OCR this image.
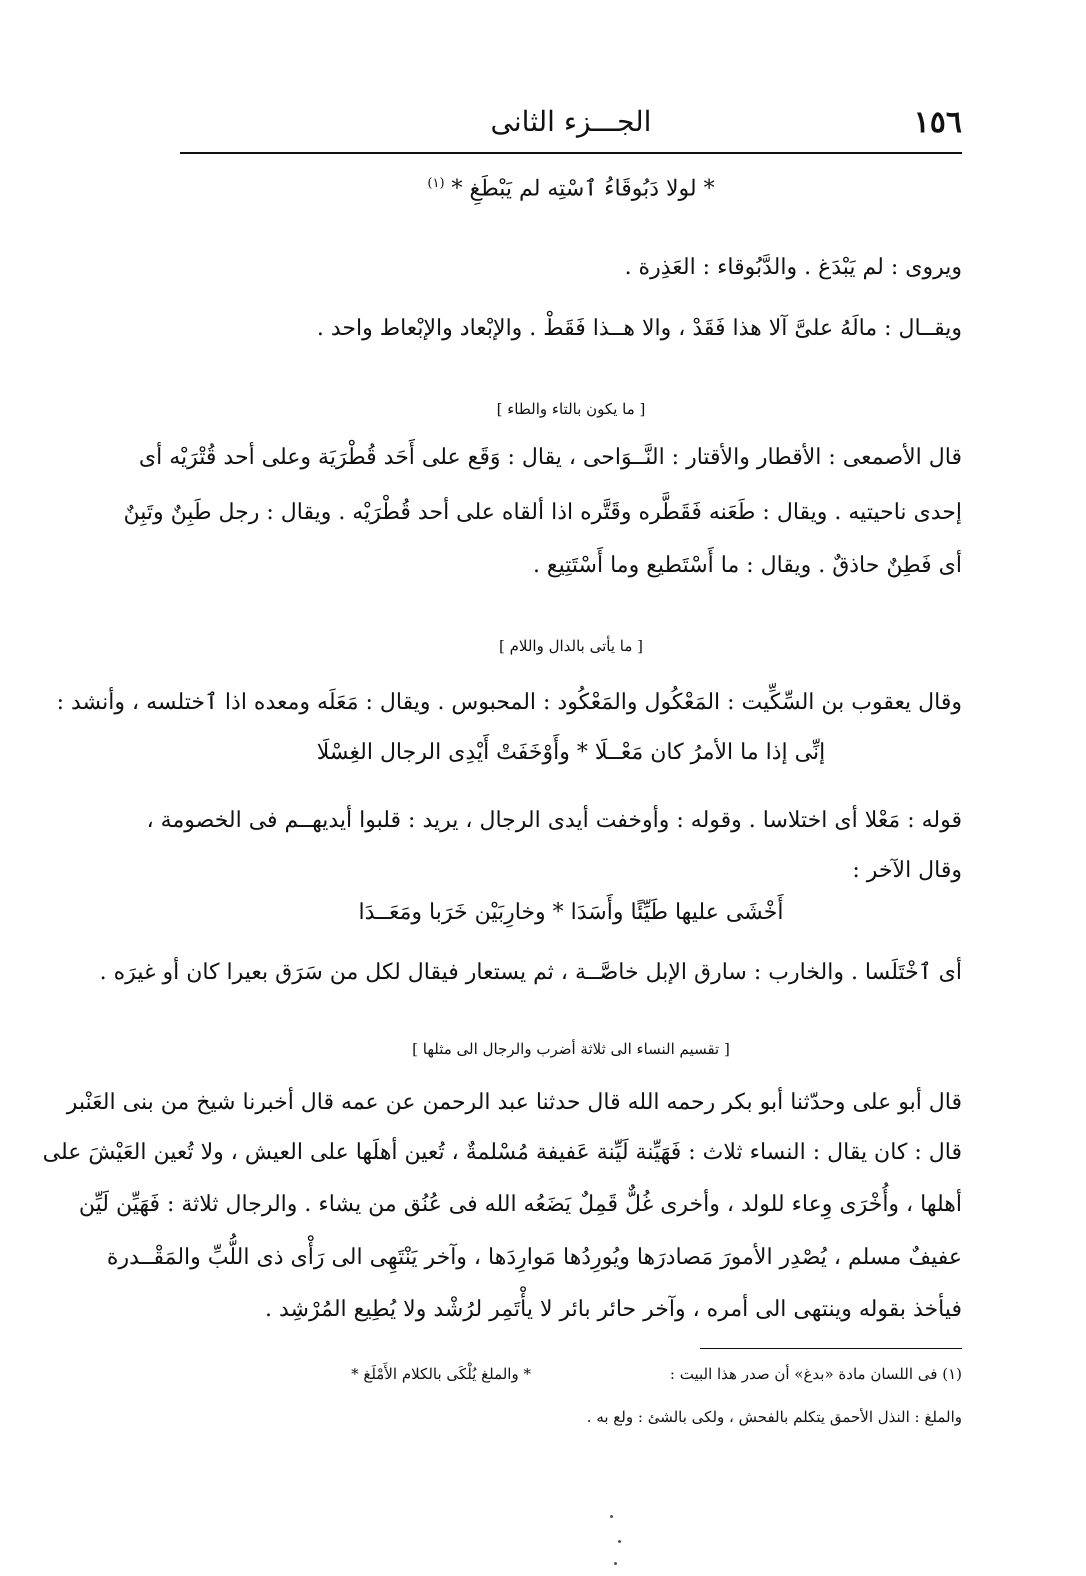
١٥٦
الجـــزء الثانى
* لولا دَبُوقَاءُ ٱسْتِه لم يَبْطَغِ * $^{(١)}$
ويروى : لم يَبْدَغ . والدَّبُوقاء : العَذِرة .
ويقــال : مالَهُ علىَّ آلا هذا فَقَدْ ، والا هــذا فَقَطْ . والإبْعاد والإبْعاط واحد .
[ ما يكون بالتاء والطاء ]
قال الأصمعى : الأقطار والأقتار : النَّــوَاحى ، يقال : وَقَع على أَحَد قُطْرَيَة وعلى أحد قُتْرَيْه أى
إحدى ناحيتيه . ويقال : طَعَنه فَقَطَّره وقَتَّره اذا ألقاه على أحد قُطْرَيْه . ويقال : رجل طَبِنٌ وتَبِنٌ
أى فَطِنٌ حاذقٌ . ويقال : ما أَسْتَطيع وما أَسْتَتِيع .
[ ما يأتى بالدال واللام ]
وقال يعقوب بن السِّكِّيت : المَعْكُول والمَعْكُود : المحبوس . ويقال : مَعَلَه ومعده اذا ٱختلسه ، وأنشد :
إنِّى إذا ما الأمرُ كان مَعْــلَا * وأَوْخَفَتْ أَيْدِى الرجال الغِسْلَا
قوله : مَعْلا أى اختلاسا . وقوله : وأوخفت أيدى الرجال ، يريد : قلبوا أيديهــم فى الخصومة ،
وقال الآخر :
أَخْشَى عليها طَيِّئًا وأَسَدَا * وخارِبَيْن خَرَبا ومَعَــدَا
أى ٱخْتَلَسا . والخارب : سارق الإبل خاصَّــة ، ثم يستعار فيقال لكل من سَرَق بعيرا كان أو غيرَه .
[ تقسيم النساء الى ثلاثة أضرب والرجال الى مثلها ]
قال أبو على وحدّثنا أبو بكر رحمه الله قال حدثنا عبد الرحمن عن عمه قال أخبرنا شيخ من بنى العَنْبر
قال : كان يقال : النساء ثلاث : فَهَيِّنة لَيِّنة عَفيفة مُسْلمةٌ ، تُعين أهلَها على العيش ، ولا تُعين العَيْشَ على
أهلها ، وأُخْرَى وِعاء للولد ، وأخرى غُلٌّ قَمِلٌ يَضَعُه الله فى عُنُق من يشاء . والرجال ثلاثة : فَهَيِّن لَيِّن
عفيفٌ مسلم ، يُصْدِر الأمورَ مَصادرَها ويُورِدُها مَوارِدَها ، وآخر يَنْتَهِى الى رَأْى ذى اللُّبِّ والمَقْــدرة
فيأخذ بقوله وينتهى الى أمره ، وآخر حائر بائر لا يأْتَمِر لرُشْد ولا يُطِيع المُرْشِد .
(١) فى اللسان مادة «بدغ» أن صدر هذا البيت :
* والملغ يُلْكَى بالكلام الأَمْلَغ *
والملغ : النذل الأحمق يتكلم بالفحش ، ولكى بالشئ : ولع به .
